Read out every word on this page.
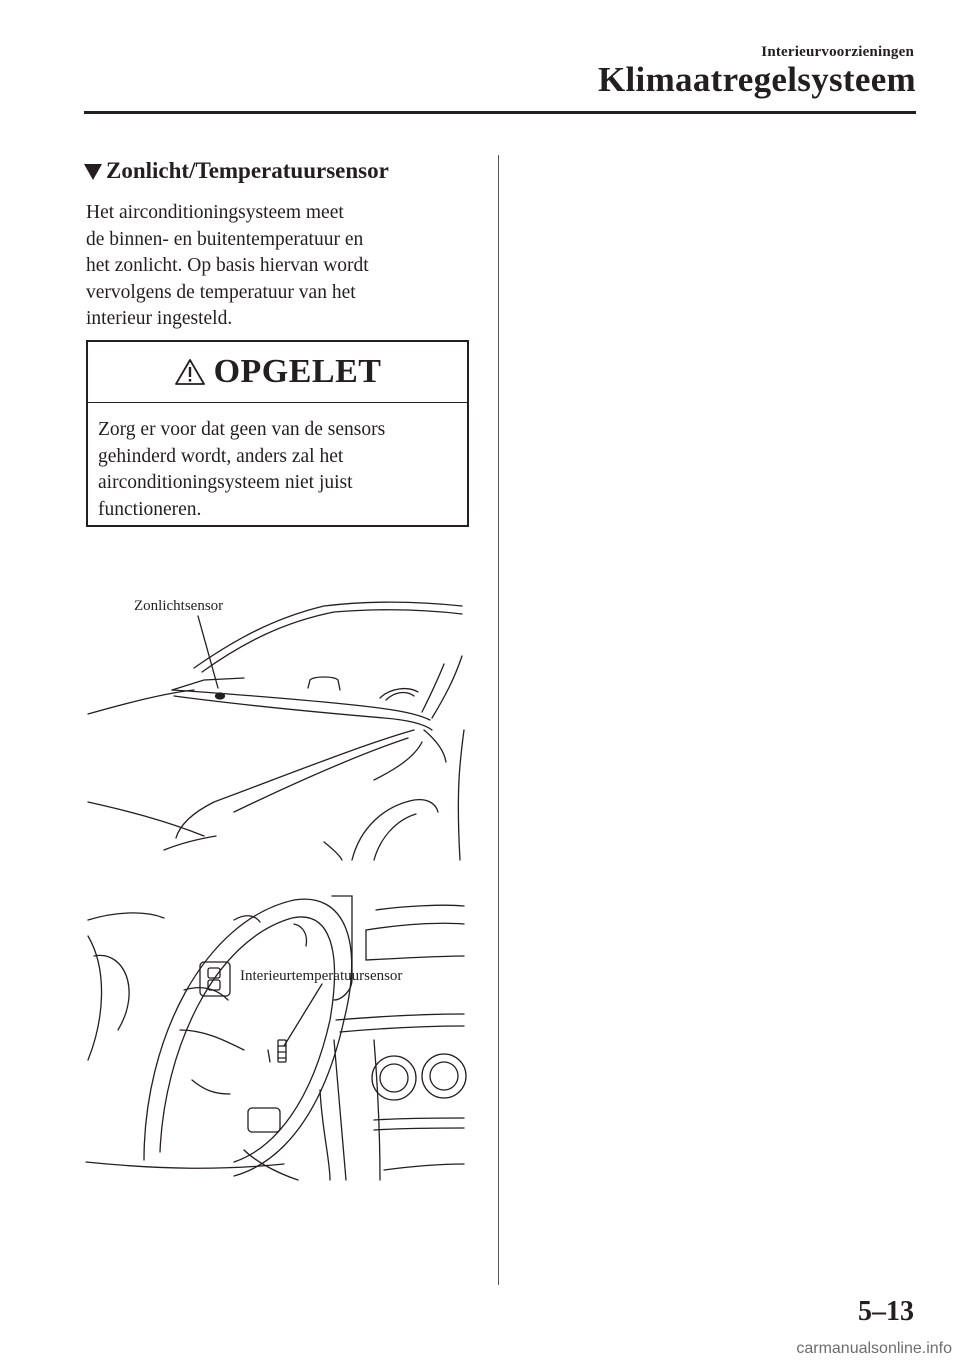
Interieurvoorzieningen
Klimaatregelsysteem
Zonlicht/Temperatuursensor

Het airconditioningsysteem meet
de binnen- en buitentemperatuur en
het zonlicht. Op basis hiervan wordt
vervolgens de temperatuur van het
interieur ingesteld.

OPGELET
Zorg er voor dat geen van de sensors
gehinderd wordt, anders zal het
airconditioningsysteem niet juist
functioneren.
Zonlichtsensor
Interieurtemperatuursensor
5–13
carmanualsonline.info
